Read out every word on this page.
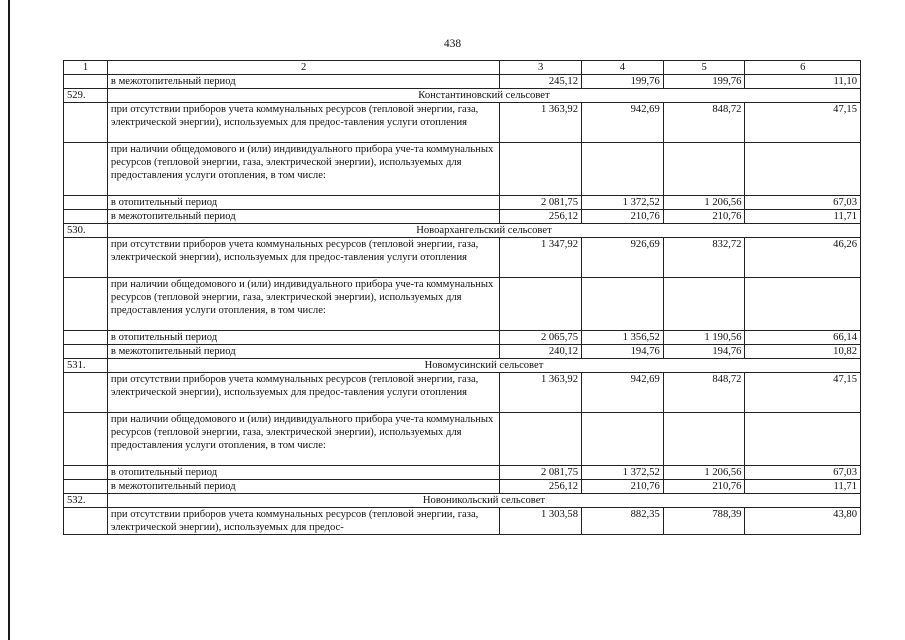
438
1	2	3	4	5	6
	в межотопительный период	245,12	199,76	199,76	11,10
529.	Константиновский сельсовет				
	при отсутствии приборов учета коммунальных ресурсов (тепловой энергии, газа, электрической энергии), используемых для предос-тавления услуги отопления	1 363,92	942,69	848,72	47,15
	при наличии общедомового и (или) индивидуального прибора уче-та коммунальных ресурсов (тепловой энергии, газа, электрической энергии), используемых для предоставления услуги отопления, в том числе:				
	в отопительный период	2 081,75	1 372,52	1 206,56	67,03
	в межотопительный период	256,12	210,76	210,76	11,71
530.	Новоархангельский сельсовет				
	при отсутствии приборов учета коммунальных ресурсов (тепловой энергии, газа, электрической энергии), используемых для предос-тавления услуги отопления	1 347,92	926,69	832,72	46,26
	при наличии общедомового и (или) индивидуального прибора уче-та коммунальных ресурсов (тепловой энергии, газа, электрической энергии), используемых для предоставления услуги отопления, в том числе:				
	в отопительный период	2 065,75	1 356,52	1 190,56	66,14
	в межотопительный период	240,12	194,76	194,76	10,82
531.	Новомусинский сельсовет				
	при отсутствии приборов учета коммунальных ресурсов (тепловой энергии, газа, электрической энергии), используемых для предос-тавления услуги отопления	1 363,92	942,69	848,72	47,15
	при наличии общедомового и (или) индивидуального прибора уче-та коммунальных ресурсов (тепловой энергии, газа, электрической энергии), используемых для предоставления услуги отопления, в том числе:				
	в отопительный период	2 081,75	1 372,52	1 206,56	67,03
	в межотопительный период	256,12	210,76	210,76	11,71
532.	Новоникольский сельсовет				
	при отсутствии приборов учета коммунальных ресурсов (тепловой энергии, газа, электрической энергии), используемых для предос-	1 303,58	882,35	788,39	43,80
